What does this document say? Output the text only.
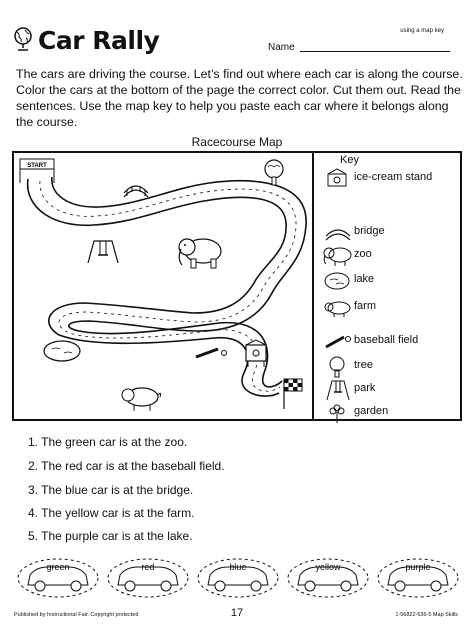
Car Rally	using a map key
Name
The cars are driving the course. Let’s find out where each car is along the course. Color the cars at the bottom of the page the correct color. Cut them out. Read the sentences. Use the map key to help you paste each car where it belongs along the course.
Racecourse Map
START	Key
ice-cream stand
bridge
zoo
lake
farm
baseball field
tree
park
garden
1. The green car is at the zoo.
2. The red car is at the baseball field.
3. The blue car is at the bridge.
4. The yellow car is at the farm.
5. The purple car is at the lake.
green	red	blue	yellow	purple
Published by Instructional Fair. Copyright protected	17	1-56822-636-5 Map Skills
